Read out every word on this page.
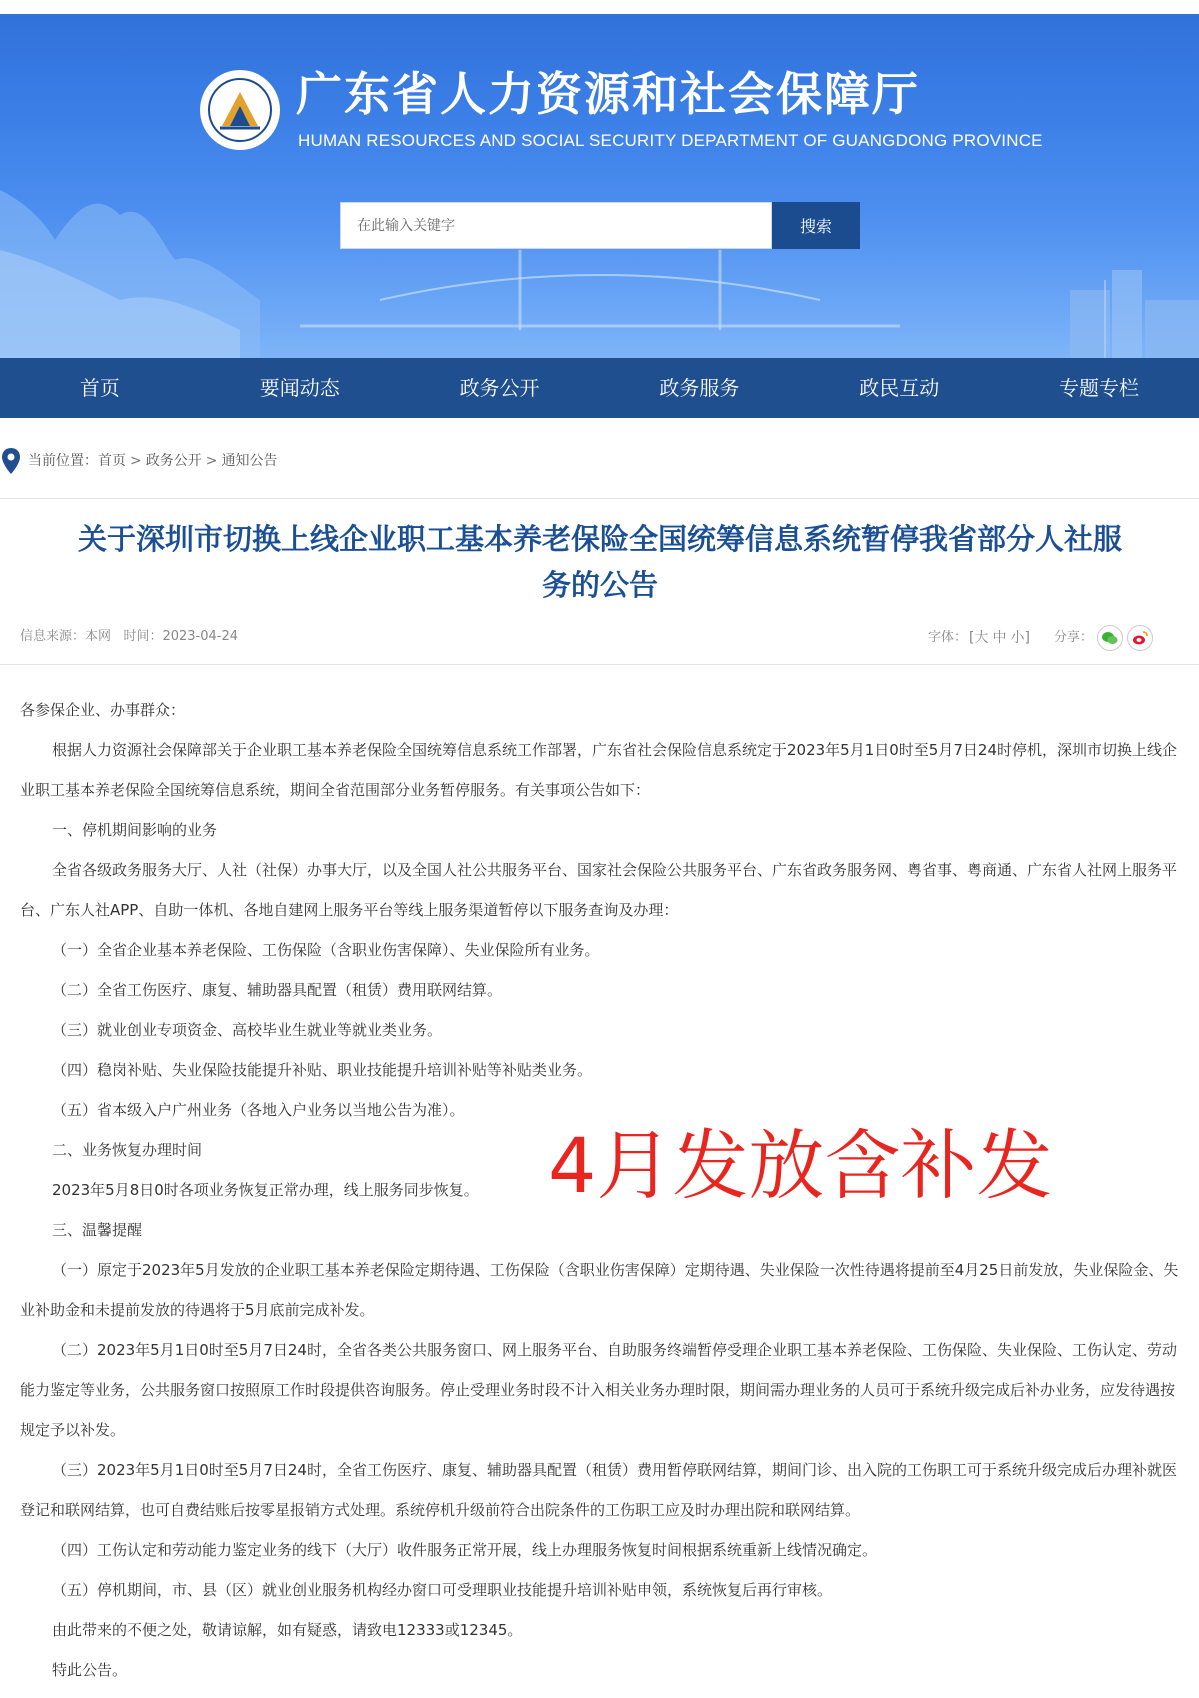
广东省人力资源和社会保障厅
HUMAN RESOURCES AND SOCIAL SECURITY DEPARTMENT OF GUANGDONG PROVINCE
在此输入关键字
搜索
首页	要闻动态	政务公开	政务服务	政民互动	专题专栏
当前位置： 首页 > 政务公开 > 通知公告
关于深圳市切换上线企业职工基本养老保险全国统筹信息系统暂停我省部分人社服
务的公告
信息来源：本网 时间：2023-04-24	字体： [大 中 小] 分享：

各参保企业、办事群众：

根据人力资源社会保障部关于企业职工基本养老保险全国统筹信息系统工作部署，广东省社会保险信息系统定于2023年5月1日0时至5月7日24时停机，深圳市切换上线企业职工基本养老保险全国统筹信息系统，期间全省范围部分业务暂停服务。有关事项公告如下：

一、停机期间影响的业务

全省各级政务服务大厅、人社（社保）办事大厅，以及全国人社公共服务平台、国家社会保险公共服务平台、广东省政务服务网、粤省事、粤商通、广东省人社网上服务平台、广东人社APP、自助一体机、各地自建网上服务平台等线上服务渠道暂停以下服务查询及办理：

（一）全省企业基本养老保险、工伤保险（含职业伤害保障）、失业保险所有业务。

（二）全省工伤医疗、康复、辅助器具配置（租赁）费用联网结算。

（三）就业创业专项资金、高校毕业生就业等就业类业务。

（四）稳岗补贴、失业保险技能提升补贴、职业技能提升培训补贴等补贴类业务。

（五）省本级入户广州业务（各地入户业务以当地公告为准）。

二、业务恢复办理时间

2023年5月8日0时各项业务恢复正常办理，线上服务同步恢复。

三、温馨提醒

（一）原定于2023年5月发放的企业职工基本养老保险定期待遇、工伤保险（含职业伤害保障）定期待遇、失业保险一次性待遇将提前至4月25日前发放，失业保险金、失业补助金和未提前发放的待遇将于5月底前完成补发。

（二）2023年5月1日0时至5月7日24时，全省各类公共服务窗口、网上服务平台、自助服务终端暂停受理企业职工基本养老保险、工伤保险、失业保险、工伤认定、劳动能力鉴定等业务，公共服务窗口按照原工作时段提供咨询服务。停止受理业务时段不计入相关业务办理时限，期间需办理业务的人员可于系统升级完成后补办业务，应发待遇按规定予以补发。

（三）2023年5月1日0时至5月7日24时，全省工伤医疗、康复、辅助器具配置（租赁）费用暂停联网结算，期间门诊、出入院的工伤职工可于系统升级完成后办理补就医登记和联网结算，也可自费结账后按零星报销方式处理。系统停机升级前符合出院条件的工伤职工应及时办理出院和联网结算。

（四）工伤认定和劳动能力鉴定业务的线下（大厅）收件服务正常开展，线上办理服务恢复时间根据系统重新上线情况确定。

（五）停机期间，市、县（区）就业创业服务机构经办窗口可受理职业技能提升培训补贴申领，系统恢复后再行审核。

由此带来的不便之处，敬请谅解，如有疑惑，请致电12333或12345。

特此公告。

4月发放含补发
